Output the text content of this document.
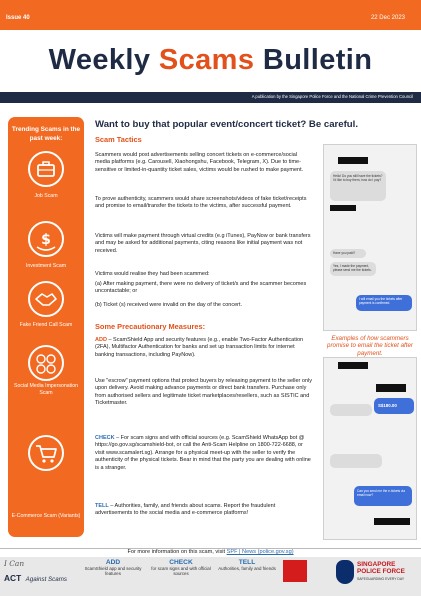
Issue 40	22 Dec 2023
Weekly Scams Bulletin
A publication by the Singapore Police Force and the National Crime Prevention Council
Trending Scams in the past week:
Job Scam
$
Investment Scam
Fake Friend Call Scam
Social Media Impersonation Scam
E-Commerce Scam (Variants)
Want to buy that popular event/concert ticket? Be careful.
Scam Tactics
Scammers would post advertisements selling concert tickets on e-commerce/social media platforms (e.g. Carousell, Xiaohongshu, Facebook, Telegram, X). Due to time-sensitive or limited-in-quantity ticket sales, victims would be rushed to make payment.
To prove authenticity, scammers would share screenshots/videos of fake ticket/receipts and promise to email/transfer the tickets to the victims, after successful payment.
Victims will make payment through virtual credits (e.g iTunes), PayNow or bank transfers and may be asked for additional payments, citing reasons like initial payment was not received.
Victims would realise they had been scammed:
(a) After making payment, there were no delivery of ticket/s and the scammer becomes uncontactable; or
(b) Ticket (s) received were invalid on the day of the concert.
Some Precautionary Measures:
ADD – ScamShield App and security features (e.g., enable Two-Factor Authentication (2FA), Multifactor Authentication for banks and set up transaction limits for internet banking transactions, including PayNow).
Use "escrow" payment options that protect buyers by releasing payment to the seller only upon delivery. Avoid making advance payments or direct bank transfers. Purchase only from authorised sellers and legitimate ticket marketplaces/resellers, such as SISTIC and Ticketmaster.
CHECK – For scam signs and with official sources (e.g. ScamShield WhatsApp bot @ https://go.gov.sg/scamshield-bot, or call the Anti-Scam Helpline on 1800-722-6688, or visit www.scamalert.sg). Arrange for a physical meet-up with the seller to verify the authenticity of the physical tickets. Bear in mind that the party you are dealing with online is a stranger.
TELL – Authorities, family, and friends about scams. Report the fraudulent advertisements to the social media and e-commerce platforms!
Hello! Do you still have the tickets? I'd like to buy them, how do I pay?
Have you paid?
Yes, I made the payment, please send me the tickets.
I will email you the tickets after payment is confirmed.
Examples of how scammers promise to email the ticket after payment.
S$180.00
Can you send me the e-tickets via email now?
For more information on this scam, visit SPF | News (police.gov.sg)
I Can
ACT Against Scams
ADD
ScamShield app and security features
CHECK
for scam signs and with official sources
TELL
Authorities, family and friends
SINGAPORE POLICE FORCE
SAFEGUARDING EVERY DAY
